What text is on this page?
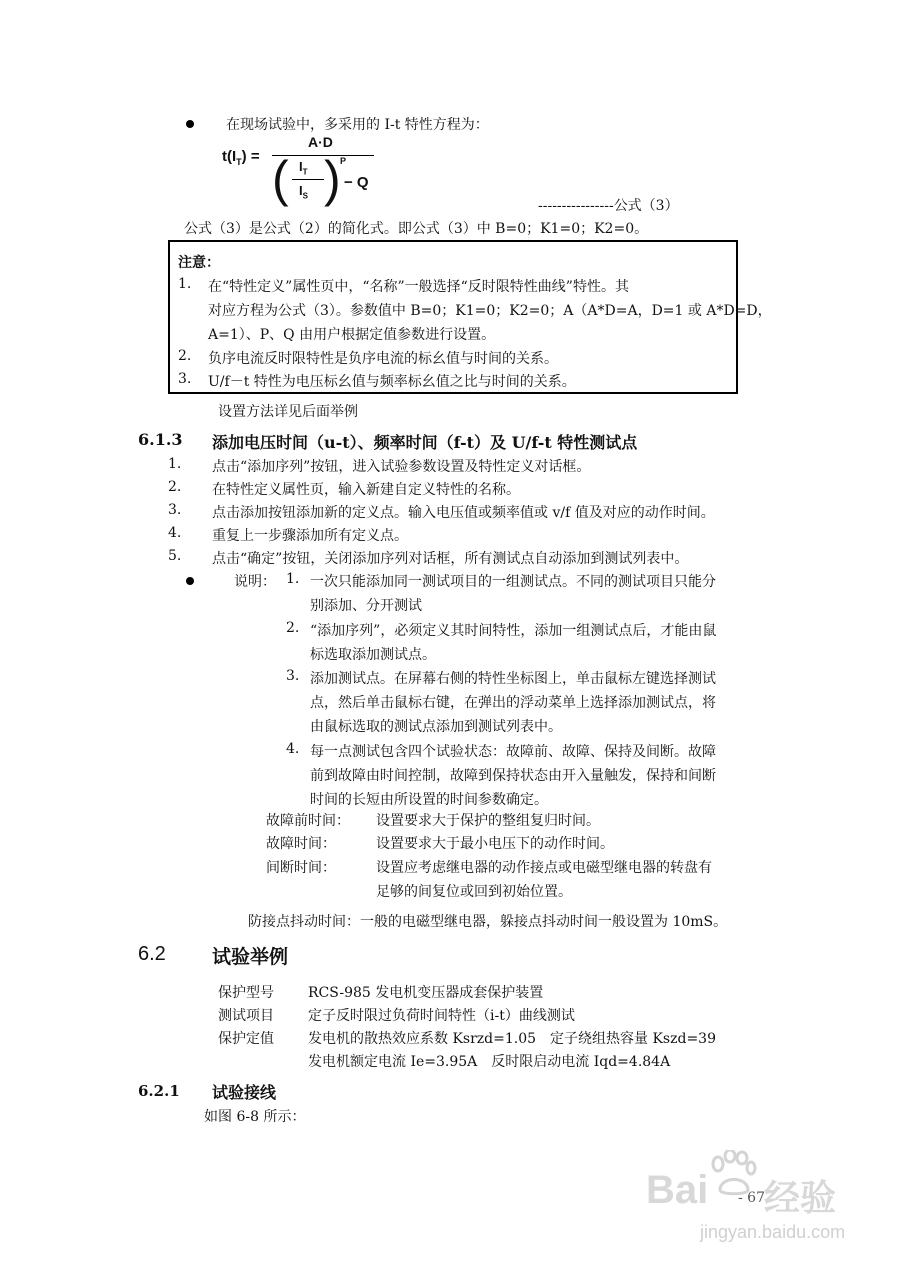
在现场试验中，多采用的 I-t 特性方程为：
$t(I_T)$ =
A·D
( $I_T$
$I_S$ ) P
− Q
----------------公式（3）
公式（3）是公式（2）的简化式。即公式（3）中 B=0；K1=0；K2=0。
注意：
1. 在“特性定义”属性页中，“名称”一般选择“反时限特性曲线”特性。其
对应方程为公式（3）。参数值中 B=0；K1=0；K2=0；A（A*D=A，D=1 或 A*D=D，
A=1）、P、Q 由用户根据定值参数进行设置。
2. 负序电流反时限特性是负序电流的标幺值与时间的关系。
3. U/f－t 特性为电压标幺值与频率标幺值之比与时间的关系。
设置方法详见后面举例
6.1.3 添加电压时间（u-t）、频率时间（f-t）及 U/f-t 特性测试点
1. 点击“添加序列”按钮，进入试验参数设置及特性定义对话框。
2. 在特性定义属性页，输入新建自定义特性的名称。
3. 点击添加按钮添加新的定义点。输入电压值或频率值或 v/f 值及对应的动作时间。
4. 重复上一步骤添加所有定义点。
5. 点击“确定”按钮，关闭添加序列对话框，所有测试点自动添加到测试列表中。
说明： 1. 一次只能添加同一测试项目的一组测试点。不同的测试项目只能分
别添加、分开测试
2. “添加序列”，必须定义其时间特性，添加一组测试点后，才能由鼠
标选取添加测试点。
3. 添加测试点。在屏幕右侧的特性坐标图上，单击鼠标左键选择测试
点，然后单击鼠标右键，在弹出的浮动菜单上选择添加测试点，将
由鼠标选取的测试点添加到测试列表中。
4. 每一点测试包含四个试验状态：故障前、故障、保持及间断。故障
前到故障由时间控制，故障到保持状态由开入量触发，保持和间断
时间的长短由所设置的时间参数确定。
故障前时间： 设置要求大于保护的整组复归时间。
故障时间：	设置要求大于最小电压下的动作时间。
间断时间：	设置应考虑继电器的动作接点或电磁型继电器的转盘有
足够的间复位或回到初始位置。
防接点抖动时间：一般的电磁型继电器，躲接点抖动时间一般设置为 10mS。
6.2 试验举例
保护型号 RCS-985 发电机变压器成套保护装置
测试项目 定子反时限过负荷时间特性（i-t）曲线测试
保护定值 发电机的散热效应系数 Ksrzd=1.05　定子绕组热容量 Kszd=39
发电机额定电流 Ie=3.95A　反时限启动电流 Iqd=4.84A
6.2.1 试验接线
如图 6-8 所示：
- 67
Bai 经验
jingyan.baidu.com
